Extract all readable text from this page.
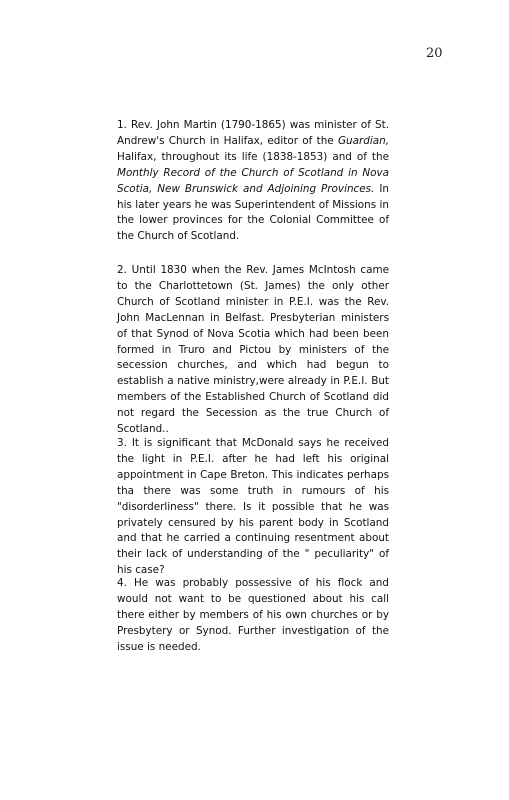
20

1. Rev. John Martin (1790-1865) was minister of St. Andrew's Church in Halifax, editor of the Guardian, Halifax, throughout its life (1838-1853) and of the Monthly Record of the Church of Scotland in Nova Scotia, New Brunswick and Adjoining Provinces. In his later years he was Superintendent of Missions in the lower provinces for the Colonial Committee of the Church of Scotland.

2. Until 1830 when the Rev. James McIntosh came to the Charlottetown (St. James) the only other Church of Scotland minister in P.E.I. was the Rev. John MacLennan in Belfast. Presbyterian ministers of that Synod of Nova Scotia which had been been formed in Truro and Pictou by ministers of the secession churches, and which had begun to establish a native ministry,were already in P.E.I. But members of the Established Church of Scotland did not regard the Secession as the true Church of Scotland..

3. It is significant that McDonald says he received the light in P.E.I. after he had left his original appointment in Cape Breton. This indicates perhaps tha there was some truth in rumours of his "disorderliness" there. Is it possible that he was privately censured by his parent body in Scotland and that he carried a continuing resentment about their lack of understanding of the " peculiarity" of his case?

4. He was probably possessive of his flock and would not want to be questioned about his call there either by members of his own churches or by Presbytery or Synod. Further investigation of the issue is needed.
